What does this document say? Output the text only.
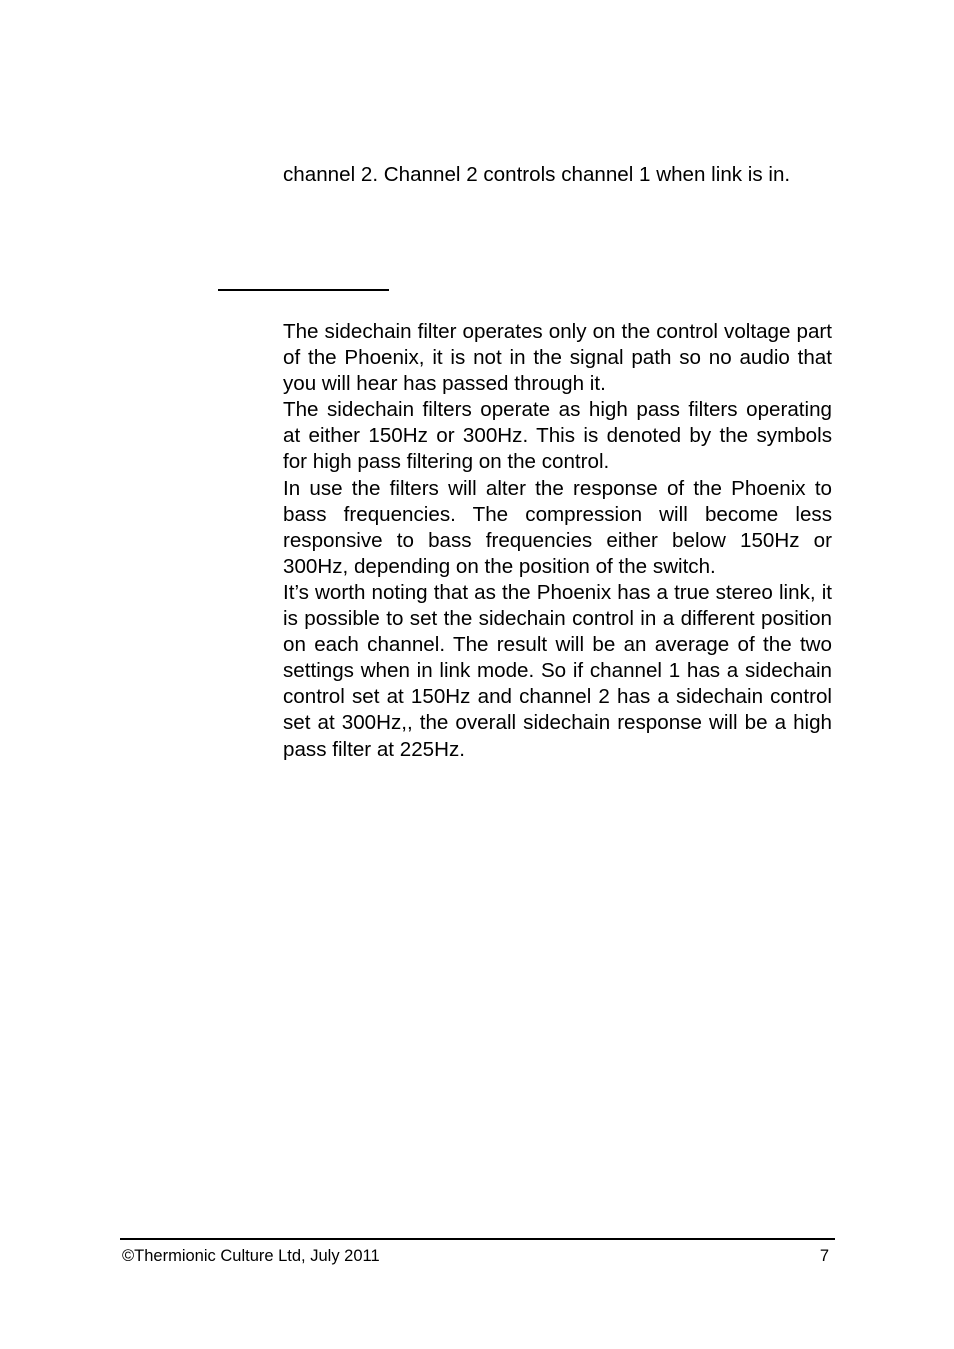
channel 2. Channel 2 controls channel 1 when link is in.

The sidechain filter operates only on the control voltage part of the Phoenix, it is not in the signal path so no audio that you will hear has passed through it.

The sidechain filters operate as high pass filters operating at either 150Hz or 300Hz. This is denoted by the symbols for high pass filtering on the control.

In use the filters will alter the response of the Phoenix to bass frequencies. The compression will become less responsive to bass frequencies either below 150Hz or 300Hz, depending on the position of the switch.

It’s worth noting that as the Phoenix has a true stereo link, it is possible to set the sidechain control in a different position on each channel. The result will be an average of the two settings when in link mode. So if channel 1 has a sidechain control set at 150Hz and channel 2 has a sidechain control set at 300Hz,, the overall sidechain response will be a high pass filter at 225Hz.

©Thermionic Culture Ltd, July 2011	7
